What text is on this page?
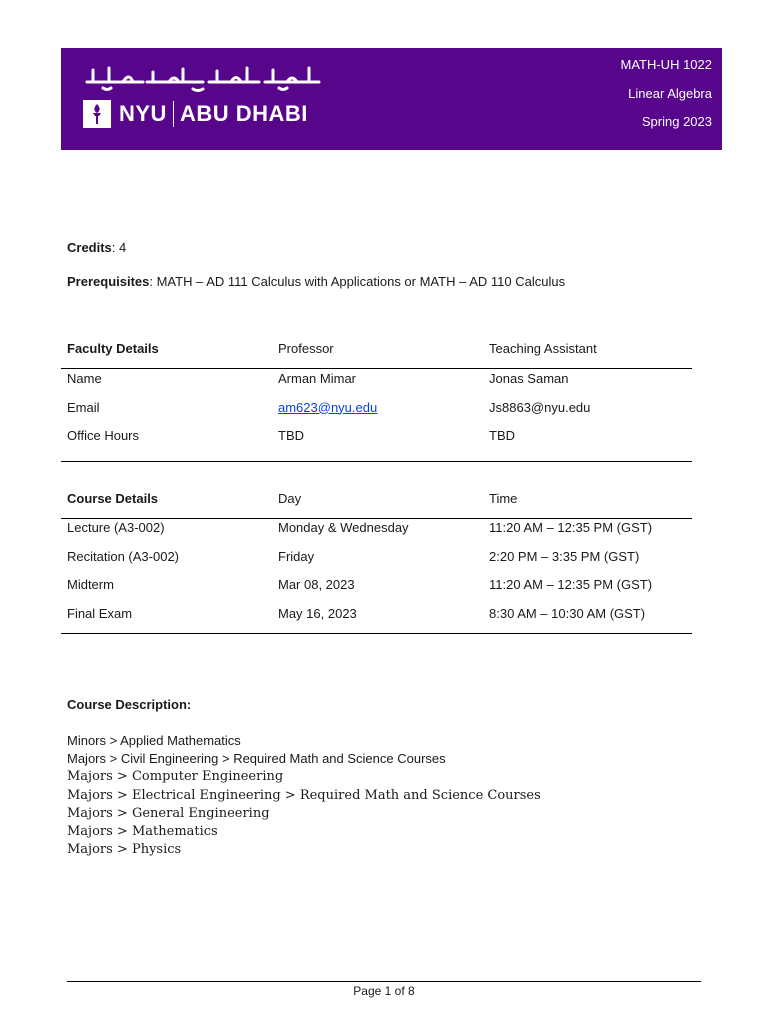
NYU ABU DHABI
MATH-UH 1022
Linear Algebra
Spring 2023
Credits: 4
Prerequisites: MATH – AD 111 Calculus with Applications or MATH – AD 110 Calculus
Faculty Details	Professor	Teaching Assistant
Name	Arman Mimar	Jonas Saman
Email	am623@nyu.edu	Js8863@nyu.edu
Office Hours	TBD	TBD
Course Details	Day	Time
Lecture (A3-002)	Monday & Wednesday	11:20 AM – 12:35 PM (GST)
Recitation (A3-002)	Friday	2:20 PM – 3:35 PM (GST)
Midterm	Mar 08, 2023	11:20 AM – 12:35 PM (GST)
Final Exam	May 16, 2023	8:30 AM – 10:30 AM (GST)
Course Description:
Minors > Applied Mathematics
Majors > Civil Engineering > Required Math and Science Courses
Majors > Computer Engineering
Majors > Electrical Engineering > Required Math and Science Courses
Majors > General Engineering
Majors > Mathematics
Majors > Physics
Page 1 of 8
